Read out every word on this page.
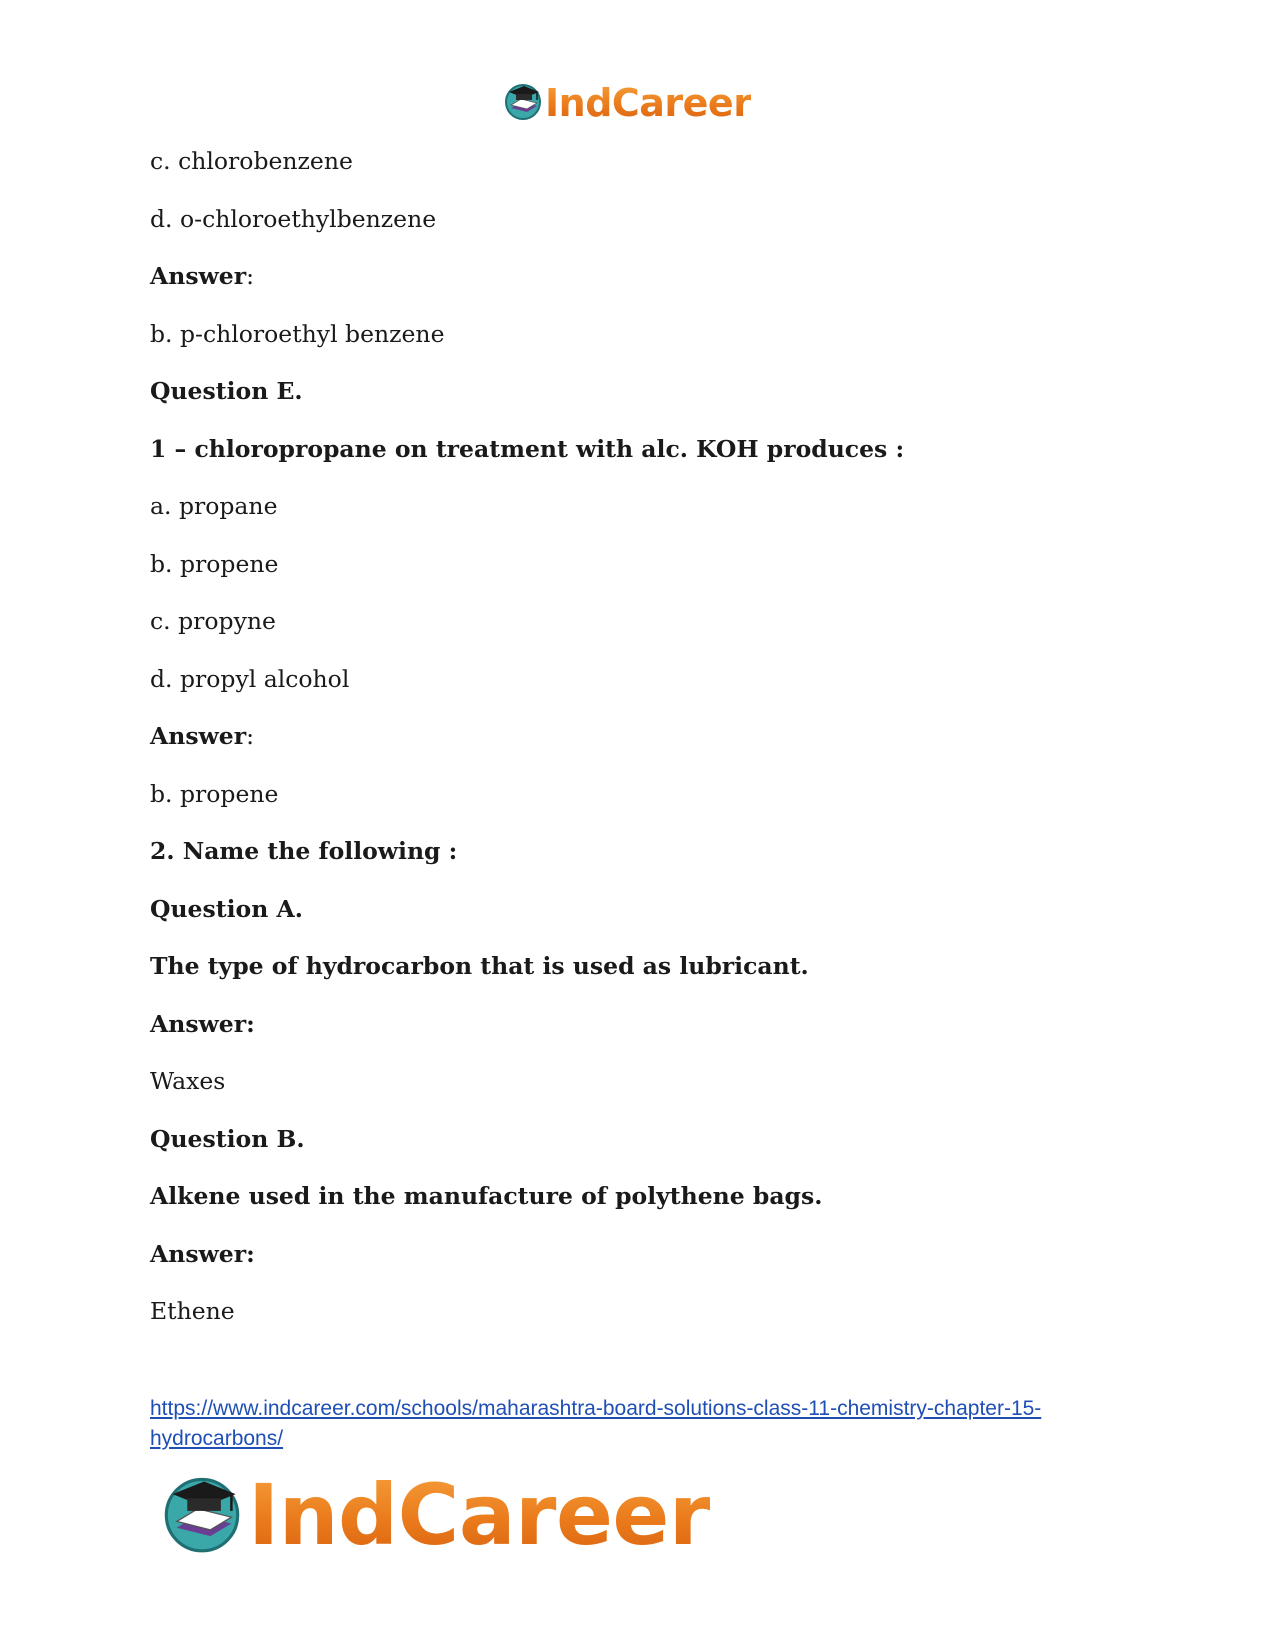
IndCareer
c. chlorobenzene
d. o-chloroethylbenzene
Answer:
b. p-chloroethyl benzene
Question E.
1 – chloropropane on treatment with alc. KOH produces :
a. propane
b. propene
c. propyne
d. propyl alcohol
Answer:
b. propene
2. Name the following :
Question A.
The type of hydrocarbon that is used as lubricant.
Answer:
Waxes
Question B.
Alkene used in the manufacture of polythene bags.
Answer:
Ethene
https://www.indcareer.com/schools/maharashtra-board-solutions-class-11-chemistry-chapter-15-
hydrocarbons/
IndCareer
